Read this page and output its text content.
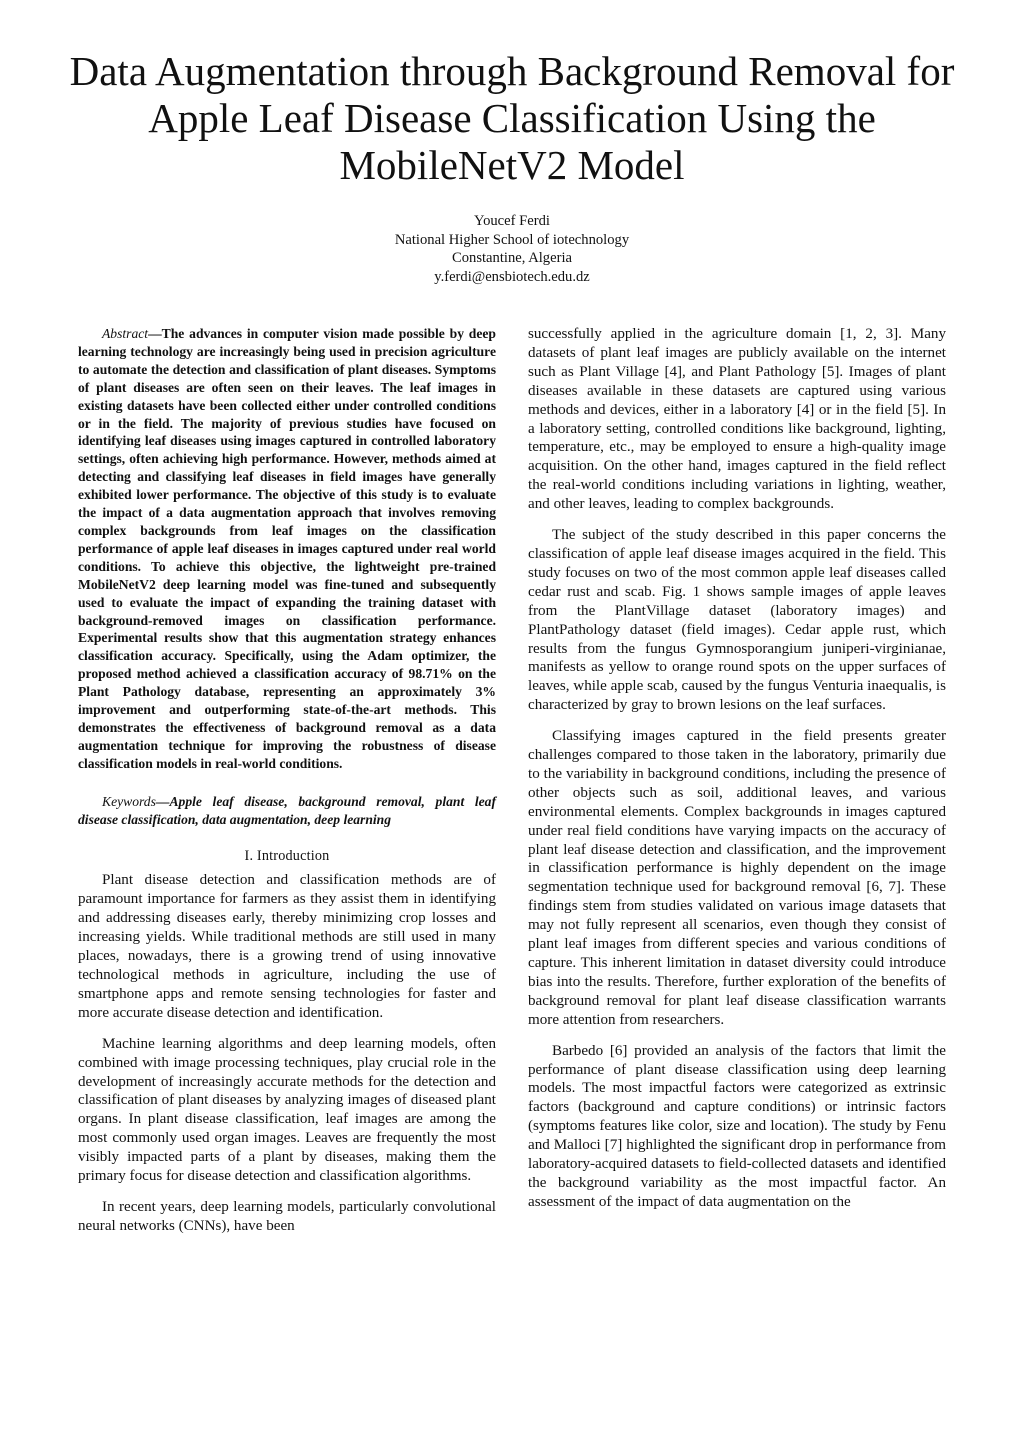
Data Augmentation through Background Removal for Apple Leaf Disease Classification Using the MobileNetV2 Model
Youcef Ferdi
National Higher School of iotechnology
Constantine, Algeria
y.ferdi@ensbiotech.edu.dz

Abstract—The advances in computer vision made possible by deep learning technology are increasingly being used in precision agriculture to automate the detection and classification of plant diseases. Symptoms of plant diseases are often seen on their leaves. The leaf images in existing datasets have been collected either under controlled conditions or in the field. The majority of previous studies have focused on identifying leaf diseases using images captured in controlled laboratory settings, often achieving high performance. However, methods aimed at detecting and classifying leaf diseases in field images have generally exhibited lower performance. The objective of this study is to evaluate the impact of a data augmentation approach that involves removing complex backgrounds from leaf images on the classification performance of apple leaf diseases in images captured under real world conditions. To achieve this objective, the lightweight pre-trained MobileNetV2 deep learning model was fine-tuned and subsequently used to evaluate the impact of expanding the training dataset with background-removed images on classification performance. Experimental results show that this augmentation strategy enhances classification accuracy. Specifically, using the Adam optimizer, the proposed method achieved a classification accuracy of 98.71% on the Plant Pathology database, representing an approximately 3% improvement and outperforming state-of-the-art methods. This demonstrates the effectiveness of background removal as a data augmentation technique for improving the robustness of disease classification models in real-world conditions.

Keywords—Apple leaf disease, background removal, plant leaf disease classification, data augmentation, deep learning

I. Introduction

Plant disease detection and classification methods are of paramount importance for farmers as they assist them in identifying and addressing diseases early, thereby minimizing crop losses and increasing yields. While traditional methods are still used in many places, nowadays, there is a growing trend of using innovative technological methods in agriculture, including the use of smartphone apps and remote sensing technologies for faster and more accurate disease detection and identification.

Machine learning algorithms and deep learning models, often combined with image processing techniques, play crucial role in the development of increasingly accurate methods for the detection and classification of plant diseases by analyzing images of diseased plant organs. In plant disease classification, leaf images are among the most commonly used organ images. Leaves are frequently the most visibly impacted parts of a plant by diseases, making them the primary focus for disease detection and classification algorithms.

In recent years, deep learning models, particularly convolutional neural networks (CNNs), have been

successfully applied in the agriculture domain [1, 2, 3]. Many datasets of plant leaf images are publicly available on the internet such as Plant Village [4], and Plant Pathology [5]. Images of plant diseases available in these datasets are captured using various methods and devices, either in a laboratory [4] or in the field [5]. In a laboratory setting, controlled conditions like background, lighting, temperature, etc., may be employed to ensure a high-quality image acquisition. On the other hand, images captured in the field reflect the real-world conditions including variations in lighting, weather, and other leaves, leading to complex backgrounds.

The subject of the study described in this paper concerns the classification of apple leaf disease images acquired in the field. This study focuses on two of the most common apple leaf diseases called cedar rust and scab. Fig. 1 shows sample images of apple leaves from the PlantVillage dataset (laboratory images) and PlantPathology dataset (field images). Cedar apple rust, which results from the fungus Gymnosporangium juniperi-virginianae, manifests as yellow to orange round spots on the upper surfaces of leaves, while apple scab, caused by the fungus Venturia inaequalis, is characterized by gray to brown lesions on the leaf surfaces.

Classifying images captured in the field presents greater challenges compared to those taken in the laboratory, primarily due to the variability in background conditions, including the presence of other objects such as soil, additional leaves, and various environmental elements. Complex backgrounds in images captured under real field conditions have varying impacts on the accuracy of plant leaf disease detection and classification, and the improvement in classification performance is highly dependent on the image segmentation technique used for background removal [6, 7]. These findings stem from studies validated on various image datasets that may not fully represent all scenarios, even though they consist of plant leaf images from different species and various conditions of capture. This inherent limitation in dataset diversity could introduce bias into the results. Therefore, further exploration of the benefits of background removal for plant leaf disease classification warrants more attention from researchers.

Barbedo [6] provided an analysis of the factors that limit the performance of plant disease classification using deep learning models. The most impactful factors were categorized as extrinsic factors (background and capture conditions) or intrinsic factors (symptoms features like color, size and location). The study by Fenu and Malloci [7] highlighted the significant drop in performance from laboratory-acquired datasets to field-collected datasets and identified the background variability as the most impactful factor. An assessment of the impact of data augmentation on the
